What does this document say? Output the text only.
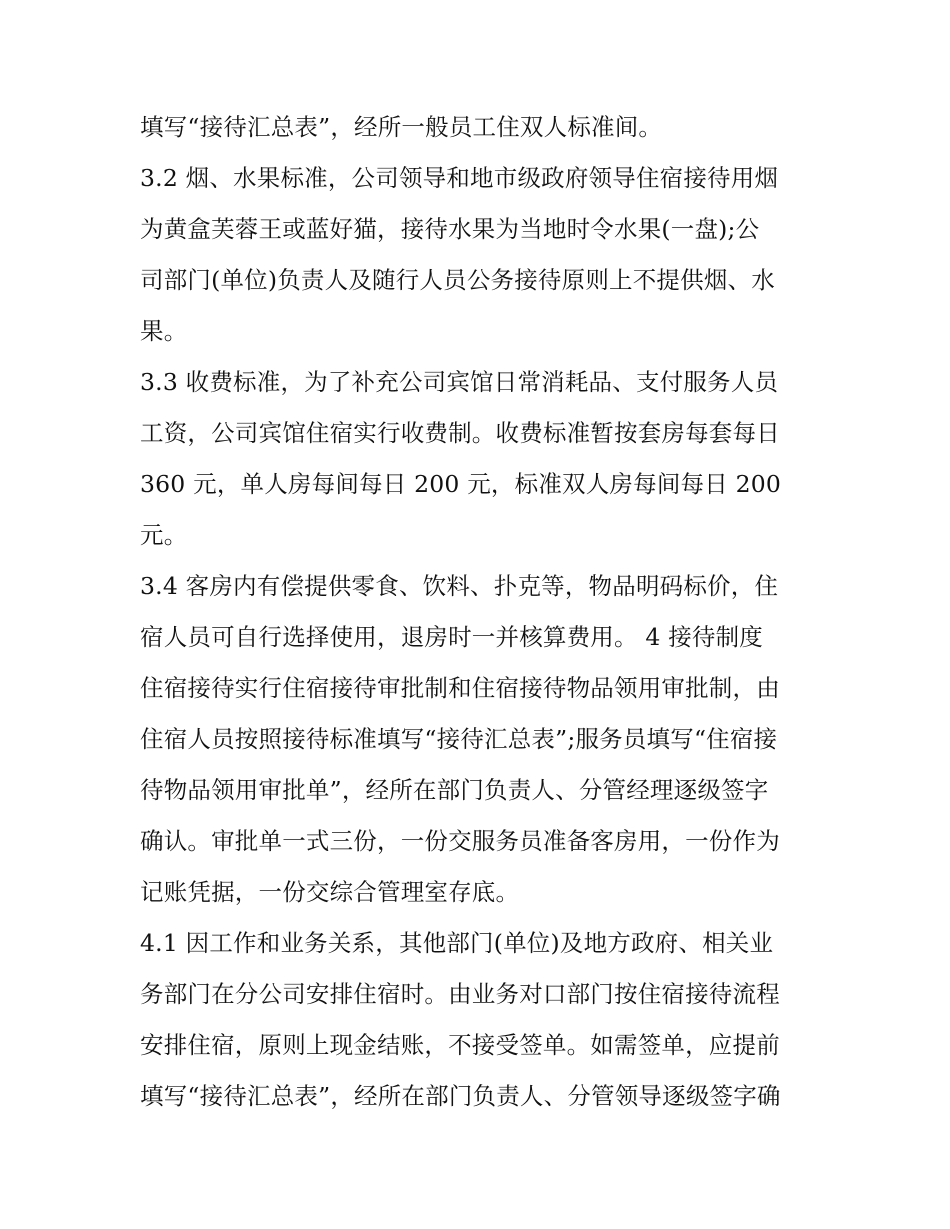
填写“接待汇总表”，经所一般员工住双人标准间。
3.2 烟、水果标准，公司领导和地市级政府领导住宿接待用烟
为黄盒芙蓉王或蓝好猫，接待水果为当地时令水果(一盘);公
司部门(单位)负责人及随行人员公务接待原则上不提供烟、水
果。
3.3 收费标准，为了补充公司宾馆日常消耗品、支付服务人员
工资，公司宾馆住宿实行收费制。收费标准暂按套房每套每日
360 元，单人房每间每日 200 元，标准双人房每间每日 200
元。
3.4 客房内有偿提供零食、饮料、扑克等，物品明码标价，住
宿人员可自行选择使用，退房时一并核算费用。 4 接待制度
住宿接待实行住宿接待审批制和住宿接待物品领用审批制，由
住宿人员按照接待标准填写“接待汇总表”;服务员填写“住宿接
待物品领用审批单”，经所在部门负责人、分管经理逐级签字
确认。审批单一式三份，一份交服务员准备客房用，一份作为
记账凭据，一份交综合管理室存底。
4.1 因工作和业务关系，其他部门(单位)及地方政府、相关业
务部门在分公司安排住宿时。由业务对口部门按住宿接待流程
安排住宿，原则上现金结账，不接受签单。如需签单，应提前
填写“接待汇总表”，经所在部门负责人、分管领导逐级签字确
